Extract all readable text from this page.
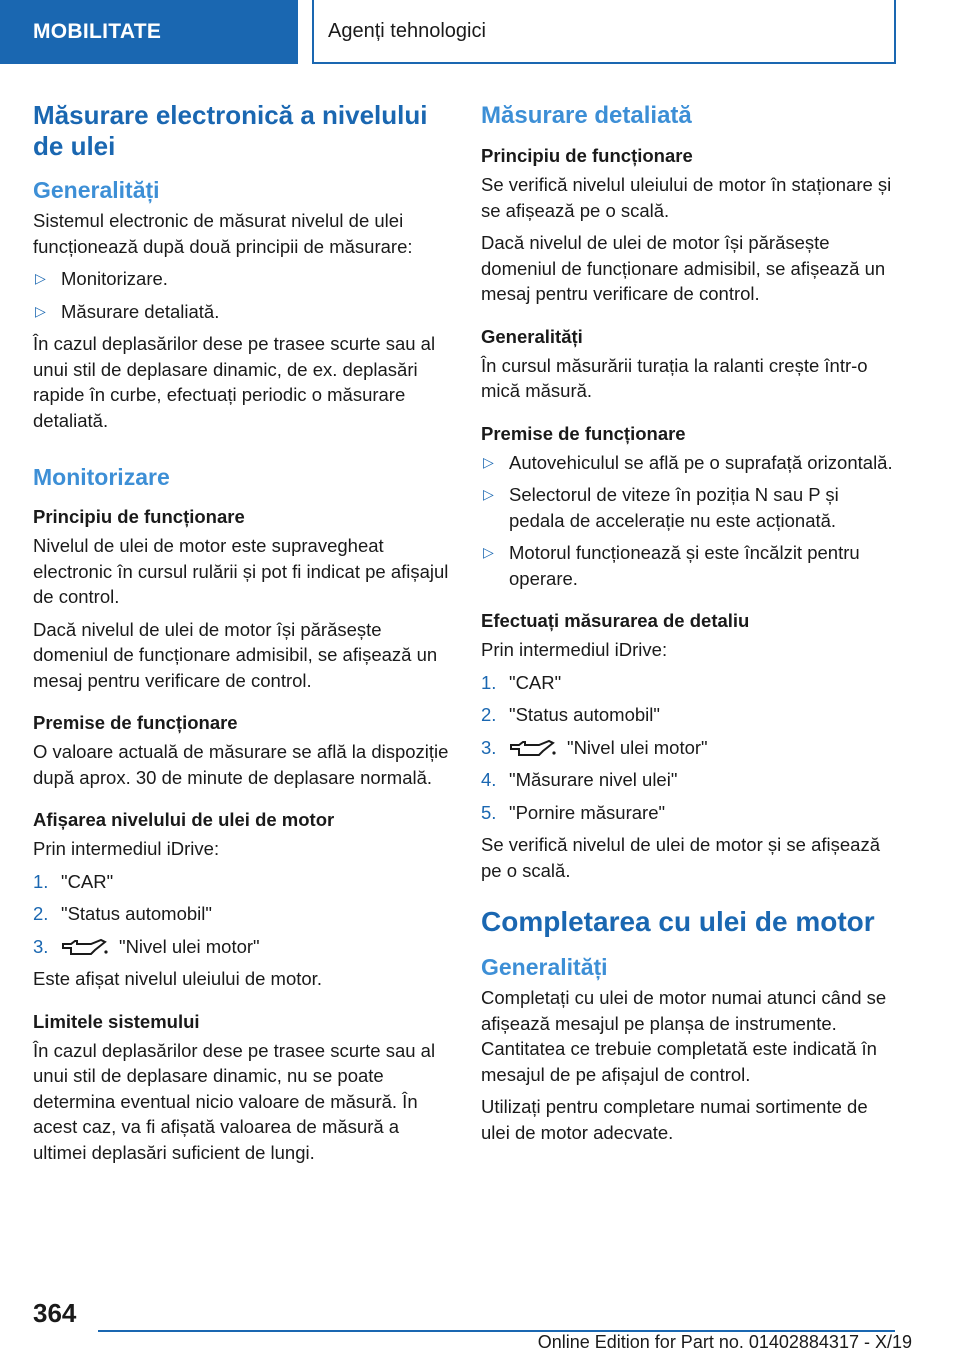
MOBILITATE	Agenți tehnologici
Măsurare electronică a nivelului de ulei
Generalități

Sistemul electronic de măsurat nivelul de ulei funcționează după două principii de măsurare:

▷ Monitorizare.
▷ Măsurare detaliată.

În cazul deplasărilor dese pe trasee scurte sau al unui stil de deplasare dinamic, de ex. deplasări rapide în curbe, efectuați periodic o măsurare detaliată.

Monitorizare
Principiu de funcționare

Nivelul de ulei de motor este supravegheat electronic în cursul rulării și pot fi indicat pe afișajul de control.

Dacă nivelul de ulei de motor își părăsește domeniul de funcționare admisibil, se afișează un mesaj pentru verificare de control.

Premise de funcționare

O valoare actuală de măsurare se află la dispoziție după aprox. 30 de minute de deplasare normală.

Afișarea nivelului de ulei de motor

Prin intermediul iDrive:

1. "CAR"
2. "Status automobil"
3.	"Nivel ulei motor"

Este afișat nivelul uleiului de motor.

Limitele sistemului

În cazul deplasărilor dese pe trasee scurte sau al unui stil de deplasare dinamic, nu se poate determina eventual nicio valoare de măsură. În acest caz, va fi afișată valoarea de măsură a ultimei deplasări suficient de lungi.

Măsurare detaliată
Principiu de funcționare

Se verifică nivelul uleiului de motor în staționare și se afișează pe o scală.

Dacă nivelul de ulei de motor își părăsește domeniul de funcționare admisibil, se afișează un mesaj pentru verificare de control.

Generalități

În cursul măsurării turația la ralanti crește într-o mică măsură.

Premise de funcționare
▷ Autovehiculul se află pe o suprafață orizontală.
▷ Selectorul de viteze în poziția N sau P și pedala de accelerație nu este acționată.
▷ Motorul funcționează și este încălzit pentru operare.
Efectuați măsurarea de detaliu

Prin intermediul iDrive:

1. "CAR"
2. "Status automobil"
3.	"Nivel ulei motor"
4. "Măsurare nivel ulei"
5. "Pornire măsurare"

Se verifică nivelul de ulei de motor și se afișează pe o scală.

Completarea cu ulei de motor
Generalități

Completați cu ulei de motor numai atunci când se afișează mesajul pe planșa de instrumente. Cantitatea ce trebuie completată este indicată în mesajul de pe afișajul de control.

Utilizați pentru completare numai sortimente de ulei de motor adecvate.

364
Online Edition for Part no. 01402884317 - X/19
